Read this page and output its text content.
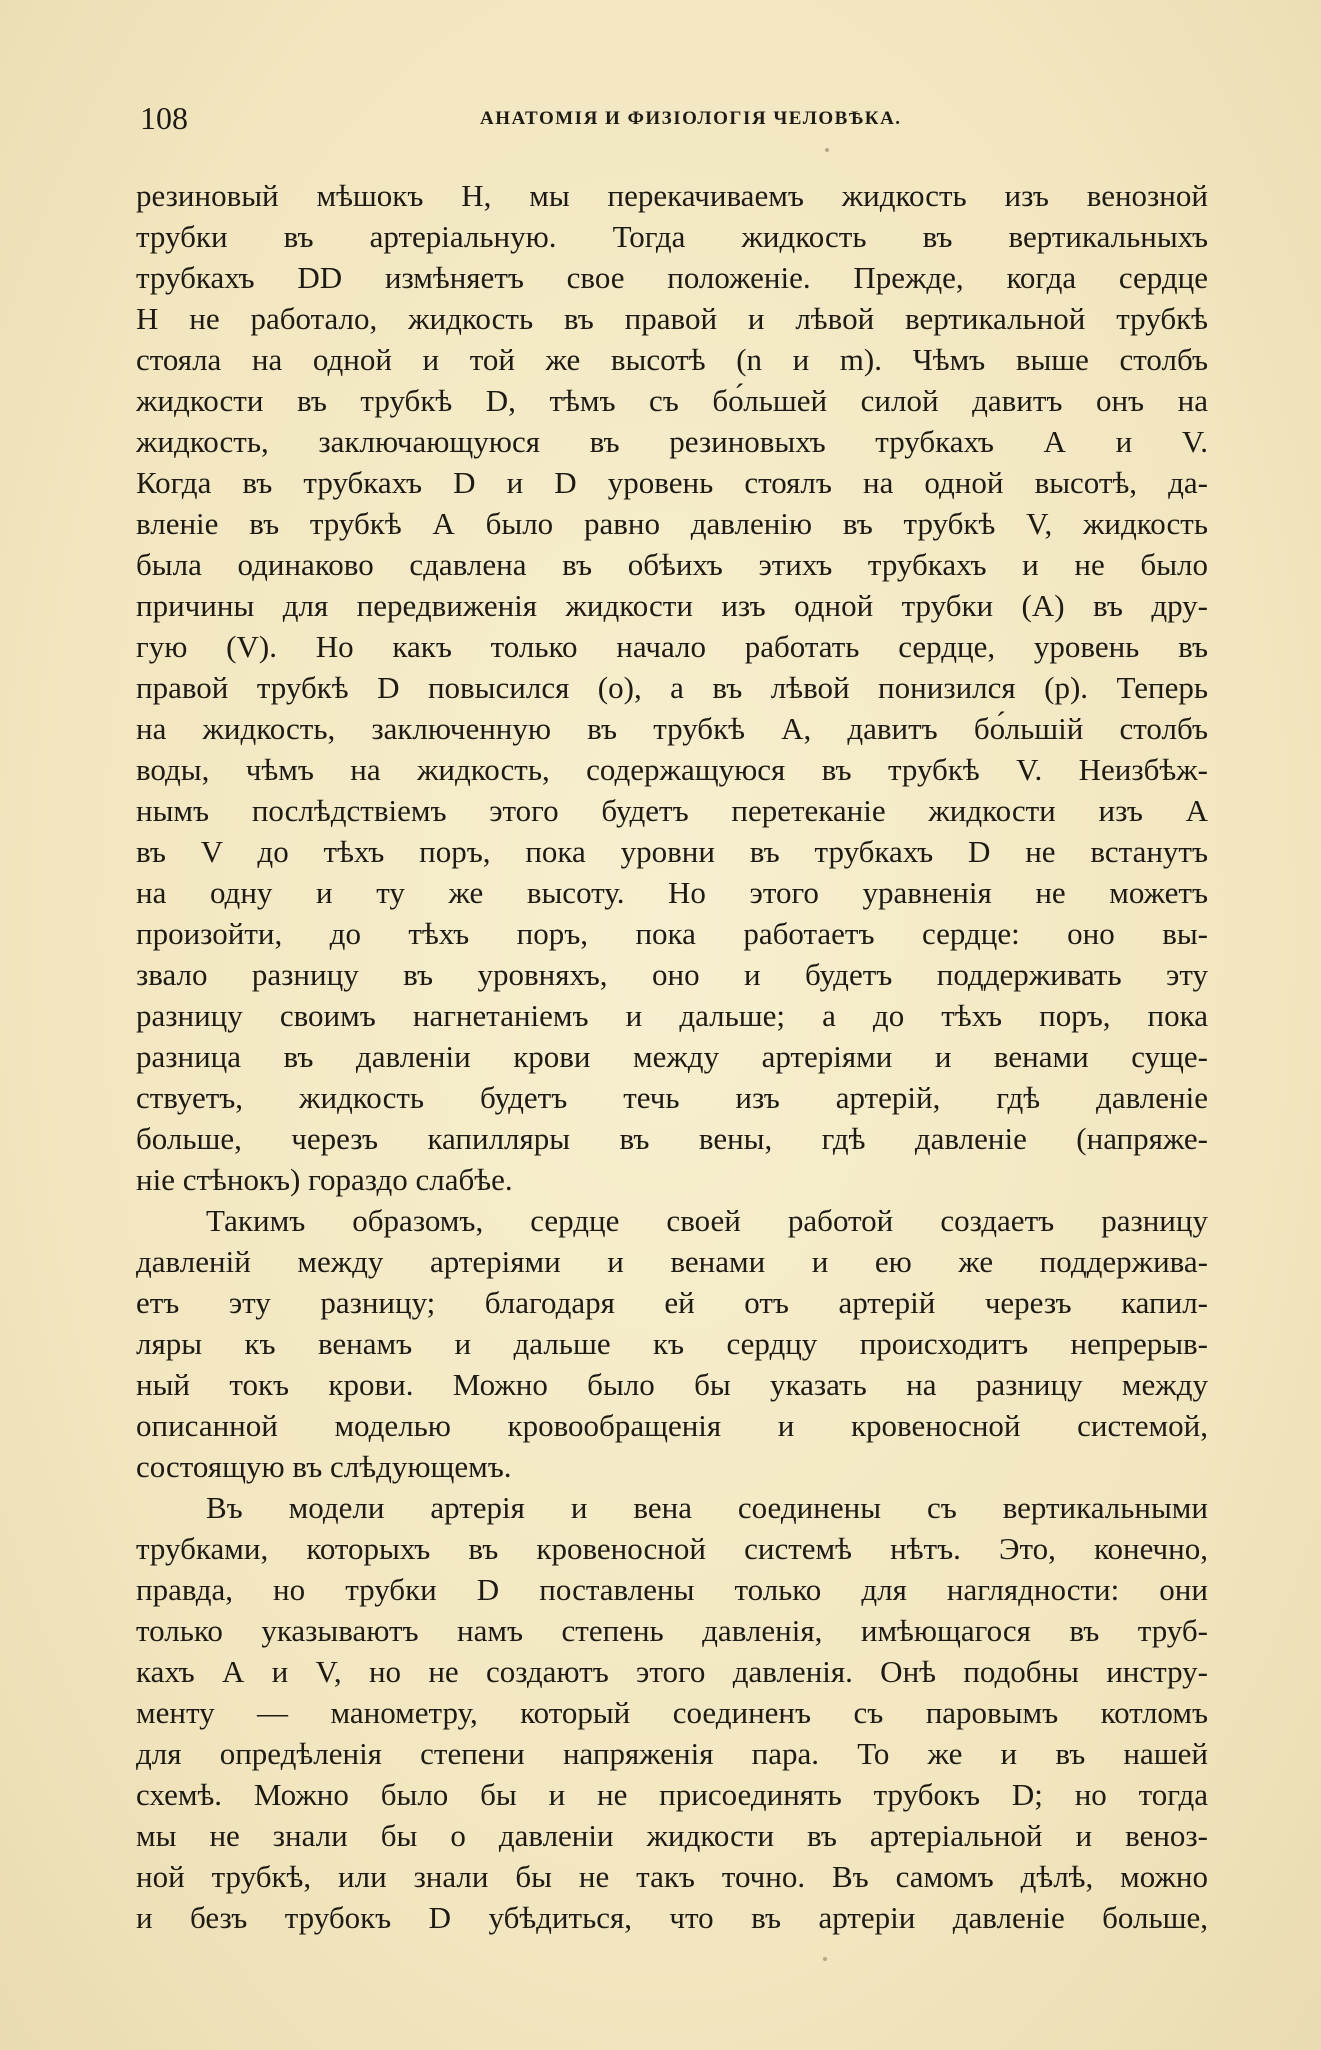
108	АНАТОМІЯ И ФИЗІОЛОГІЯ ЧЕЛОВѢКА.
резиновый мѣшокъ Н, мы перекачиваемъ жидкость изъ венозной
трубки въ артеріальную. Тогда жидкость въ вертикальныхъ
трубкахъ DD измѣняетъ свое положеніе. Прежде, когда сердце
Н не работало, жидкость въ правой и лѣвой вертикальной трубкѣ
стояла на одной и той же высотѣ (n и m). Чѣмъ выше столбъ
жидкости въ трубкѣ D, тѣмъ съ бо́льшей силой давитъ онъ на
жидкость, заключающуюся въ резиновыхъ трубкахъ А и V.
Когда въ трубкахъ D и D уровень стоялъ на одной высотѣ, да-
вленіе въ трубкѣ А было равно давленію въ трубкѣ V, жидкость
была одинаково сдавлена въ обѣихъ этихъ трубкахъ и не было
причины для передвиженія жидкости изъ одной трубки (А) въ дру-
гую (V). Но какъ только начало работать сердце, уровень въ
правой трубкѣ D повысился (о), а въ лѣвой понизился (р). Теперь
на жидкость, заключенную въ трубкѣ А, давитъ бо́льшій столбъ
воды, чѣмъ на жидкость, содержащуюся въ трубкѣ V. Неизбѣж-
нымъ послѣдствіемъ этого будетъ перетеканіе жидкости изъ А
въ V до тѣхъ поръ, пока уровни въ трубкахъ D не встанутъ
на одну и ту же высоту. Но этого уравненія не можетъ
произойти, до тѣхъ поръ, пока работаетъ сердце: оно вы-
звало разницу въ уровняхъ, оно и будетъ поддерживать эту
разницу своимъ нагнетаніемъ и дальше; а до тѣхъ поръ, пока
разница въ давленіи крови между артеріями и венами суще-
ствуетъ, жидкость будетъ течь изъ артерій, гдѣ давленіе
больше, черезъ капилляры въ вены, гдѣ давленіе (напряже-
ніе стѣнокъ) гораздо слабѣе.
Такимъ образомъ, сердце своей работой создаетъ разницу
давленій между артеріями и венами и ею же поддержива-
етъ эту разницу; благодаря ей отъ артерій черезъ капил-
ляры къ венамъ и дальше къ сердцу происходитъ непрерыв-
ный токъ крови. Можно было бы указать на разницу между
описанной моделью кровообращенія и кровеносной системой,
состоящую въ слѣдующемъ.
Въ модели артерія и вена соединены съ вертикальными
трубками, которыхъ въ кровеносной системѣ нѣтъ. Это, конечно,
правда, но трубки D поставлены только для наглядности: они
только указываютъ намъ степень давленія, имѣющагося въ труб-
кахъ А и V, но не создаютъ этого давленія. Онѣ подобны инстру-
менту — манометру, который соединенъ съ паровымъ котломъ
для опредѣленія степени напряженія пара. То же и въ нашей
схемѣ. Можно было бы и не присоединять трубокъ D; но тогда
мы не знали бы о давленіи жидкости въ артеріальной и веноз-
ной трубкѣ, или знали бы не такъ точно. Въ самомъ дѣлѣ, можно
и безъ трубокъ D убѣдиться, что въ артеріи давленіе больше,
